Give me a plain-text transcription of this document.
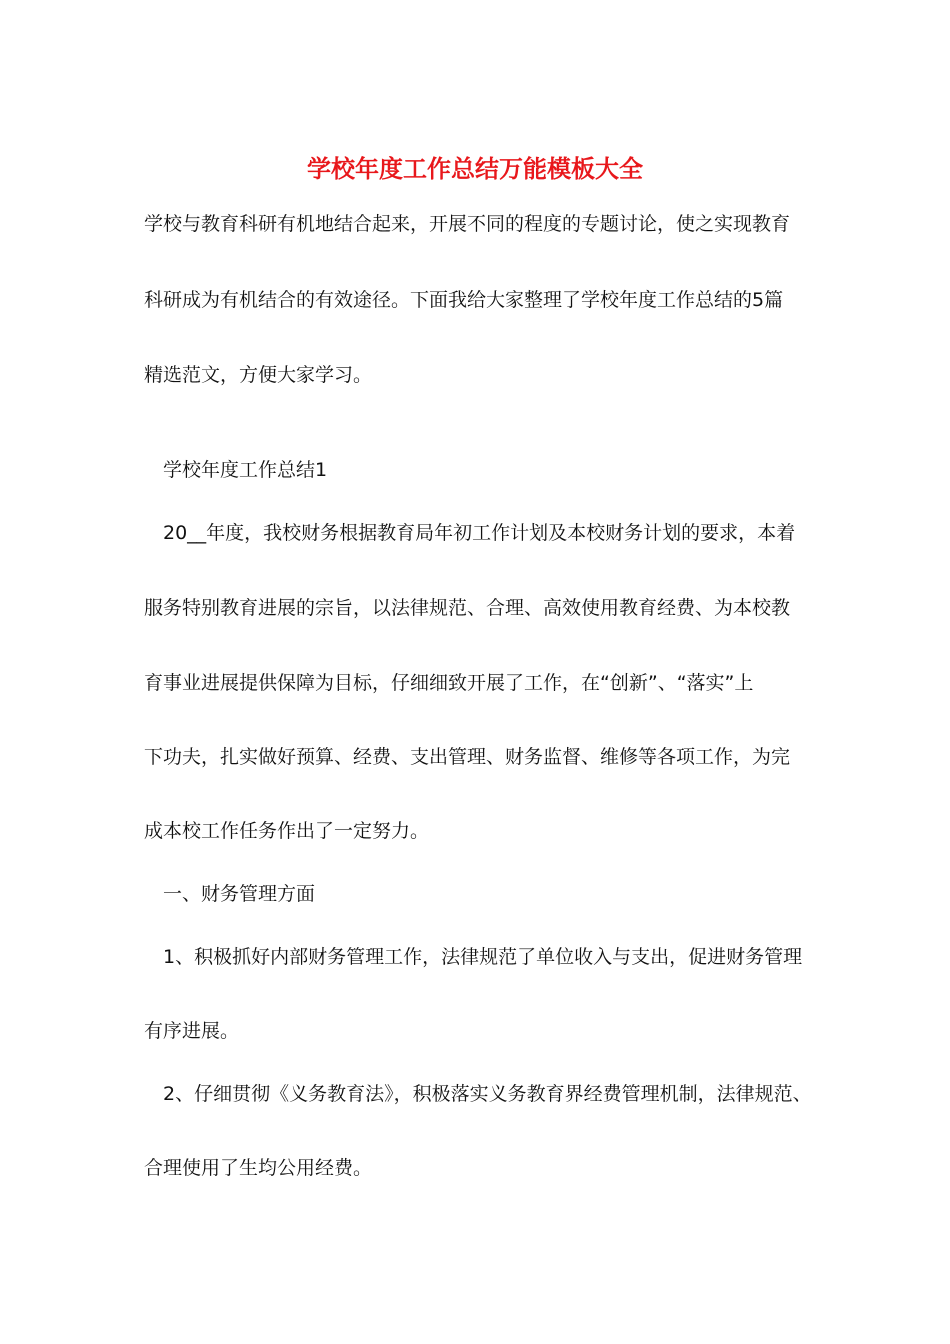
学校年度工作总结万能模板大全
学校与教育科研有机地结合起来，开展不同的程度的专题讨论，使之实现教育
科研成为有机结合的有效途径。下面我给大家整理了学校年度工作总结的5篇
精选范文，方便大家学习。
学校年度工作总结1
20__年度，我校财务根据教育局年初工作计划及本校财务计划的要求，本着
服务特别教育进展的宗旨，以法律规范、合理、高效使用教育经费、为本校教
育事业进展提供保障为目标，仔细细致开展了工作，在“创新”、“落实”上
下功夫，扎实做好预算、经费、支出管理、财务监督、维修等各项工作，为完
成本校工作任务作出了一定努力。
一、财务管理方面
1、积极抓好内部财务管理工作，法律规范了单位收入与支出，促进财务管理
有序进展。
2、仔细贯彻《义务教育法》，积极落实义务教育界经费管理机制，法律规范、
合理使用了生均公用经费。
